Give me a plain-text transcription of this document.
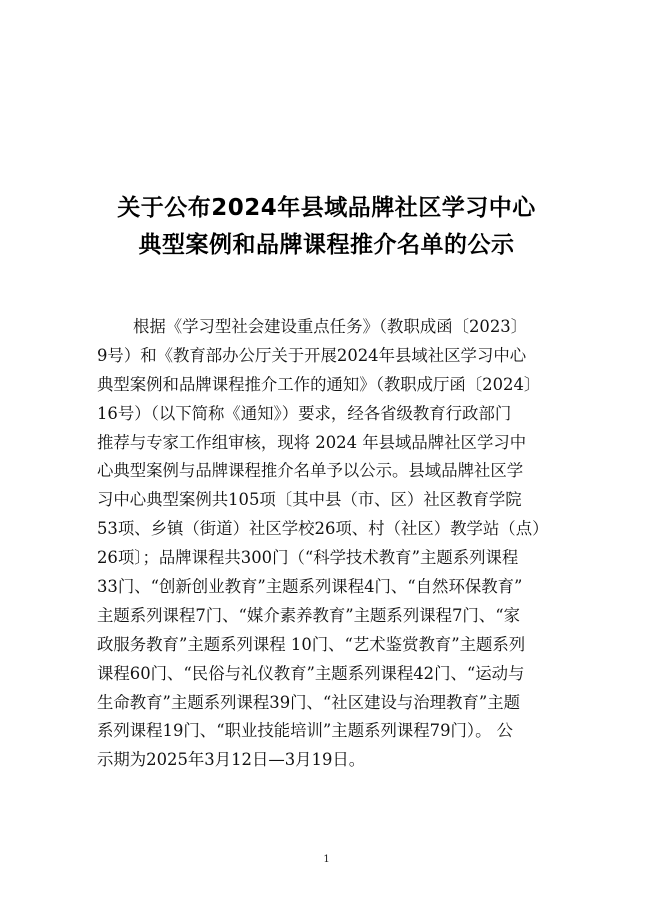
关于公布2024年县域品牌社区学习中心
典型案例和品牌课程推介名单的公示
根据《学习型社会建设重点任务》（教职成函〔2023〕
9号）和《教育部办公厅关于开展2024年县域社区学习中心
典型案例和品牌课程推介工作的通知》（教职成厅函〔2024〕
16号）（以下简称《通知》）要求，经各省级教育行政部门
推荐与专家工作组审核，现将 2024 年县域品牌社区学习中
心典型案例与品牌课程推介名单予以公示。县域品牌社区学
习中心典型案例共105项〔其中县（市、区）社区教育学院
53项、乡镇（街道）社区学校26项、村（社区）教学站（点）
26项〕；品牌课程共300门（“科学技术教育”主题系列课程
33门、“创新创业教育”主题系列课程4门、“自然环保教育”
主题系列课程7门、“媒介素养教育”主题系列课程7门、“家
政服务教育”主题系列课程 10门、“艺术鉴赏教育”主题系列
课程60门、“民俗与礼仪教育”主题系列课程42门、“运动与
生命教育”主题系列课程39门、“社区建设与治理教育”主题
系列课程19门、“职业技能培训”主题系列课程79门）。 公
示期为2025年3月12日—3月19日。
1
